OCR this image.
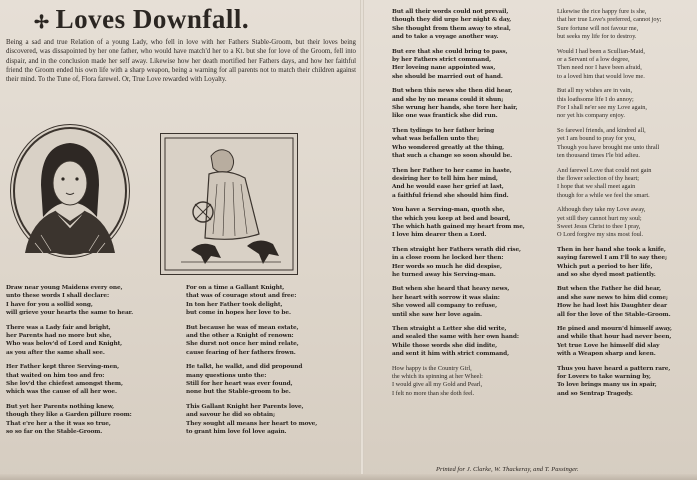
✢ Loves Downfall.
Being a sad and true Relation of a young Lady, who fell in love with her Fathers Stable-Groom, but their loves being discovered, was dissapointed by her one father, who would have match'd her to a Kt. but she for love of the Groom, fell into dispair, and in the conclusion made her self away. Likewise how her death mortified her Fathers days, and how her faithful friend the Groom ended his own life with a sharp weapon, being a warning for all parents not to match their children against their mind. To the Tune of, Flora farewel. Or, True Love rewarded with Loyalty.
Draw near young Maidens every one,
unto these words I shall declare:
I have for you a sollid song,
will grieve your hearts the same to hear.
There was a Lady fair and bright,
her Parents had no more but she,
Who was belov'd of Lord and Knight,
as you after the same shall see.
Her Father kept three Serving-men,
that waited on him too and fro:
She lov'd the chiefest amongst them,
which was the cause of all her woe.
But yet her Parents nothing knew,
though they like a Garden pillure room:
That e're her a the it was so true,
so so far on the Stable-Groom.
For on a time a Gallant Knight,
that was of courage stout and free:
In ton her Father took delight,
but come in hopes her love to be.
But because he was of mean estate,
and the other a Knight of renown:
She durst not once her mind relate,
cause fearing of her fathers frown.
He talkt, he walkt, and did propound
many questions unto the:
Still for her heart was ever found,
none but the Stable-groom to be.
This Gallant Knight her Parents love,
and savour he did so obtain;
They sought all means her heart to move,
to grant him love fol love again.
But all their words could not prevail,
though they did urge her night & day,
She thought from them away to steal,
and to take a voyage another way.
But ere that she could bring to pass,
by her Fathers strict command,
Her loveing nane appointed was,
she should be married out of hand.
But when this news she then did hear,
and she by no means could it shun;
She wrung her hands, she tore her hair,
like one was frantick she did run.
Then tydings to her father bring
what was befallen unto the;
Who wondered greatly at the thing,
that such a change so soon should be.
Then her Father to her came in haste,
desiring her to tell him her mind,
And he would ease her grief at last,
a faithful friend she should him find.
You have a Serving-man, quoth she,
the which you keep at bed and board,
The which hath gained my heart from me,
I love him dearer then a Lord.
Then straight her Fathers wrath did rise,
in a close room he locked her then:
Her words so much he did despise,
he turned away his Serving-man.
But when she heard that heavy news,
her heart with sorrow it was slain:
She vowed all company to refuse,
until she saw her love again.
Then straight a Letter she did write,
and sealed the same with her own hand:
While those words she did indite,
and sent it him with strict command,
How happy is the Country Girl,
the which its spinning at her Wheel:
I would give all my Gold and Pearl,
I felt no more than she doth feel.
Likewise the rice happy fure is she,
that her true Love's preferred, cannot joy;
Sure fortune will not favour me,
but seeks my life for to destroy.
Would I had been a Scullian-Maid,
or a Servant of a low degree,
Then need nor I have been afraid,
to a loved him that would love me.
But all my wishes are in vain,
this loathsome life I do annoy;
For I shall ne'er see my Love again,
nor yet his company enjoy.
So farewel friends, and kindred all,
yet I am bound to pray for you,
Though you have brought me unto thrall
ten thousand times I'le bid adieu.
And farewel Love that could not gain
the flower selection of thy heart;
I hope that we shall meet again
though for a while we feel the smart.
Although they take my Love away,
yet still they cannot hurt my soul;
Sweet Jesus Christ to thee I pray,
O Lord forgive my sins most foul.
Then in her hand she took a knife,
saying farewel I am I'll to say thee;
Which put a period to her life,
and so she dyed most patiently.
But when the Father he did hear,
and she saw news to him did come;
How he had lost his Daughter dear
all for the love of the Stable-Groom.
He pined and mourn'd himself away,
and while that hour had never been,
Yet true Love he himself did slay
with a Weapon sharp and keen.
Thus you have heard a pattern rare,
for Lovers to take warning by,
To love brings many us in spair,
and so Sentrap Tragedy.
Printed for J. Clarke, W. Thackeray, and T. Passinger.
